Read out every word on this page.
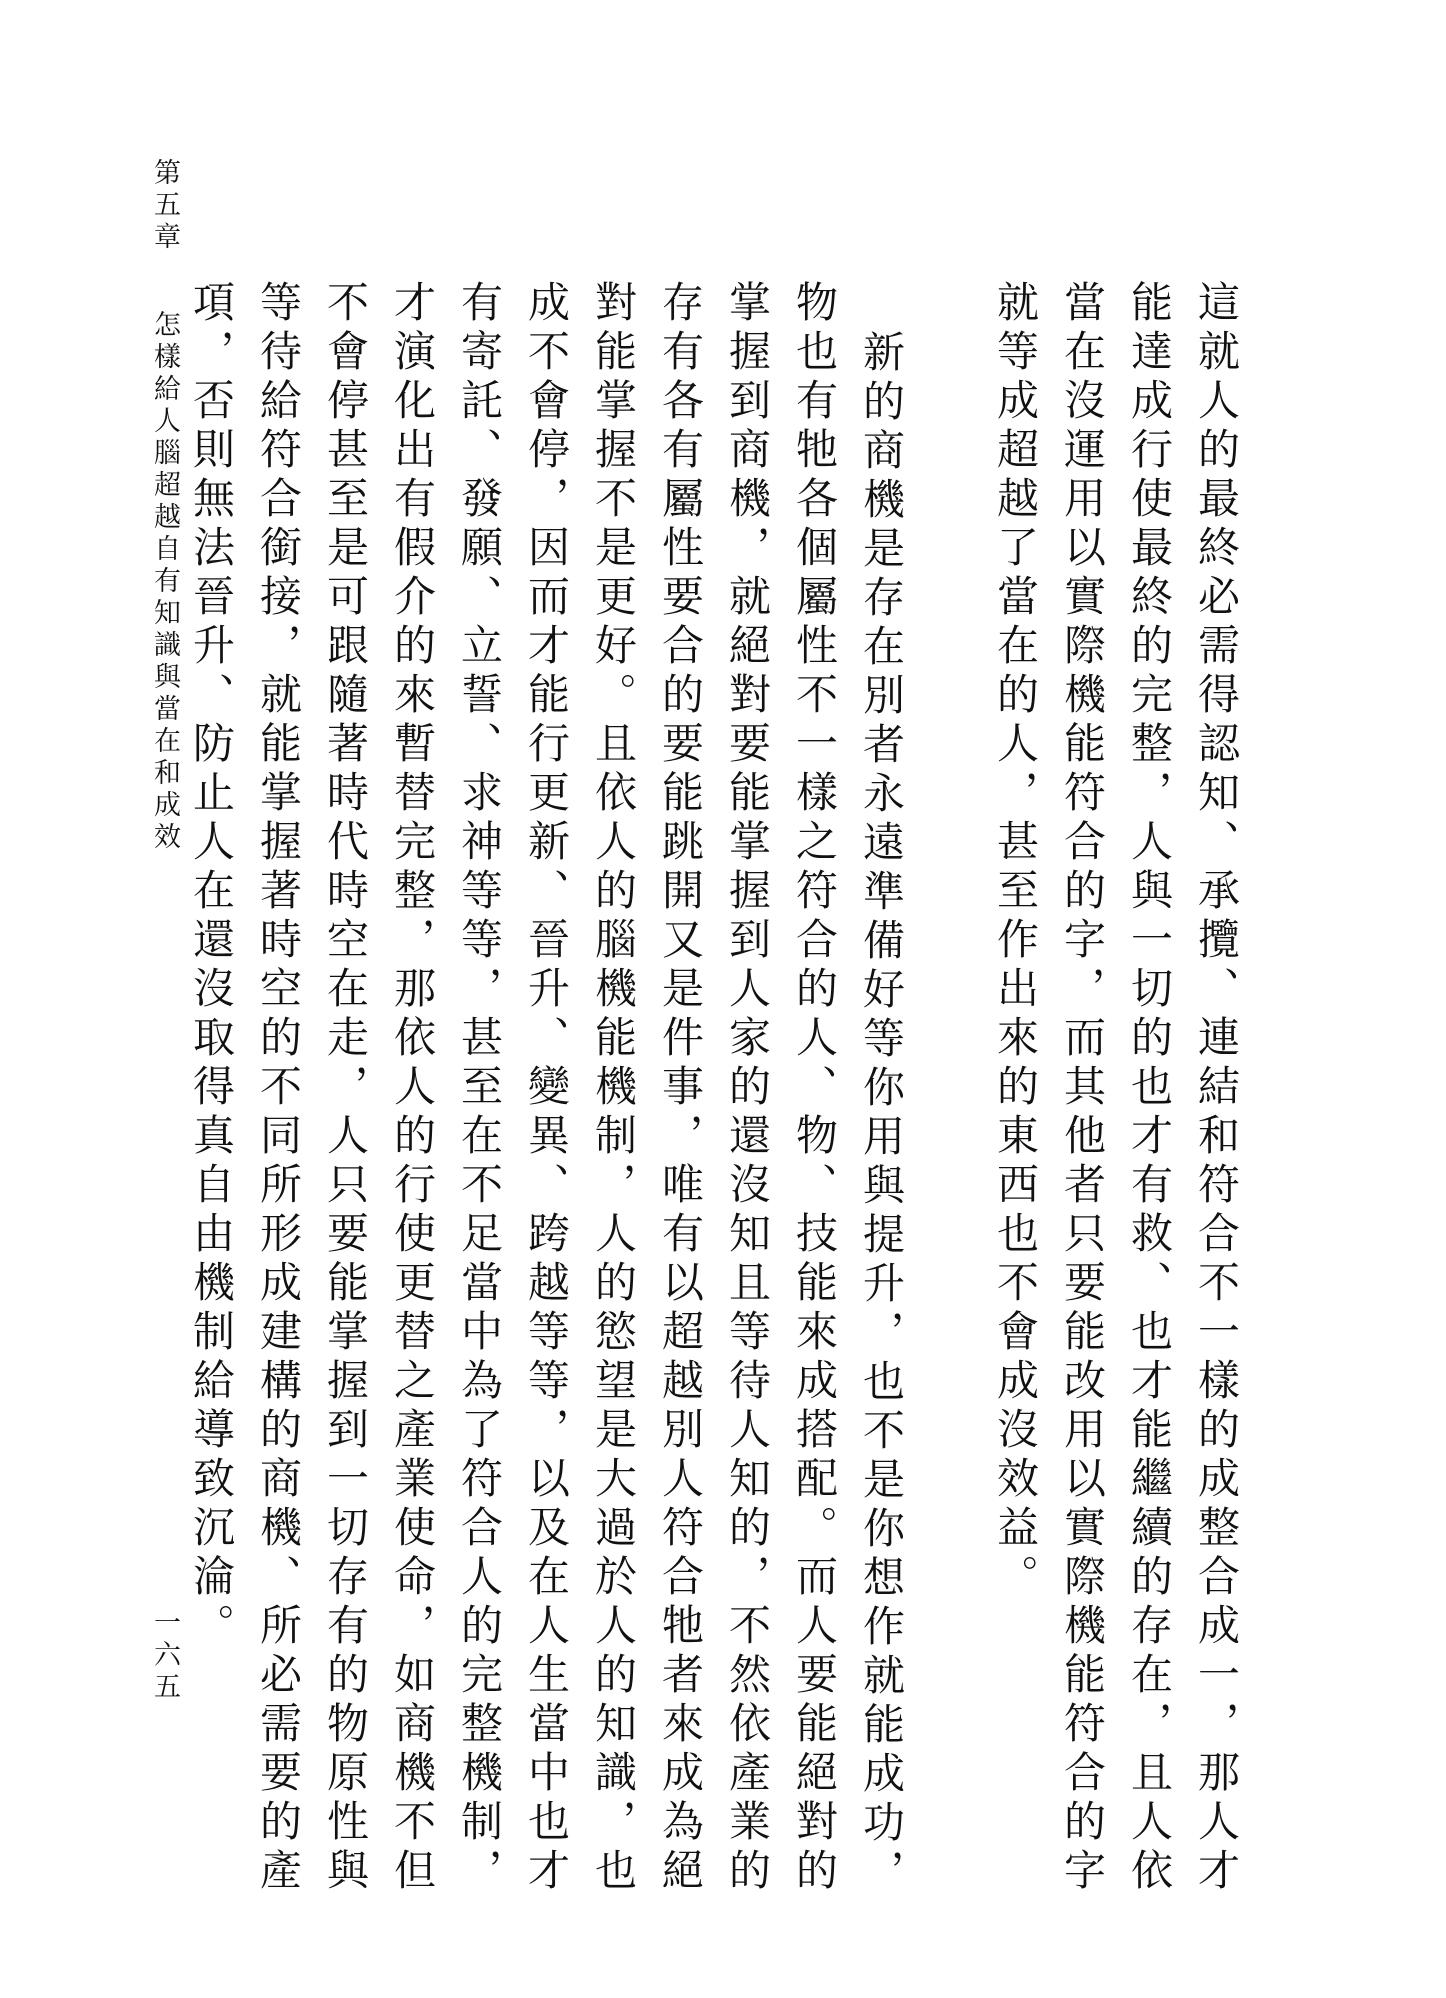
第五章怎樣給人腦超越自有知識與當在和成效	這就人的最終必需得認知、承攬、連結和符合不一樣的成整合成一，那人才能達成行使最終的完整，人與一切的也才有救、也才能繼續的存在，且人依當在沒運用以實際機能符合的字，而其他者只要能改用以實際機能符合的字就等成超越了當在的人，甚至作出來的東西也不會成沒效益。

新的商機是存在別者永遠準備好等你用與提升，也不是你想作就能成功，物也有牠各個屬性不一樣之符合的人、物、技能來成搭配。而人要能絕對的掌握到商機，就絕對要能掌握到人家的還沒知且等待人知的，不然依產業的存有各有屬性要合的要能跳開又是件事，唯有以超越別人符合牠者來成為絕對能掌握不是更好。且依人的腦機能機制，人的慾望是大過於人的知識，也成不會停，因而才能行更新、晉升、變異、跨越等等，以及在人生當中也才有寄託、發願、立誓、求神等等，甚至在不足當中為了符合人的完整機制，才演化出有假介的來暫替完整，那依人的行使更替之產業使命，如商機不但不會停甚至是可跟隨著時代時空在走，人只要能掌握到一切存有的物原性與等待給符合銜接，就能掌握著時空的不同所形成建構的商機、所必需要的產項，否則無法晉升、防止人在還沒取得真自由機制給導致沉淪。

一六五
